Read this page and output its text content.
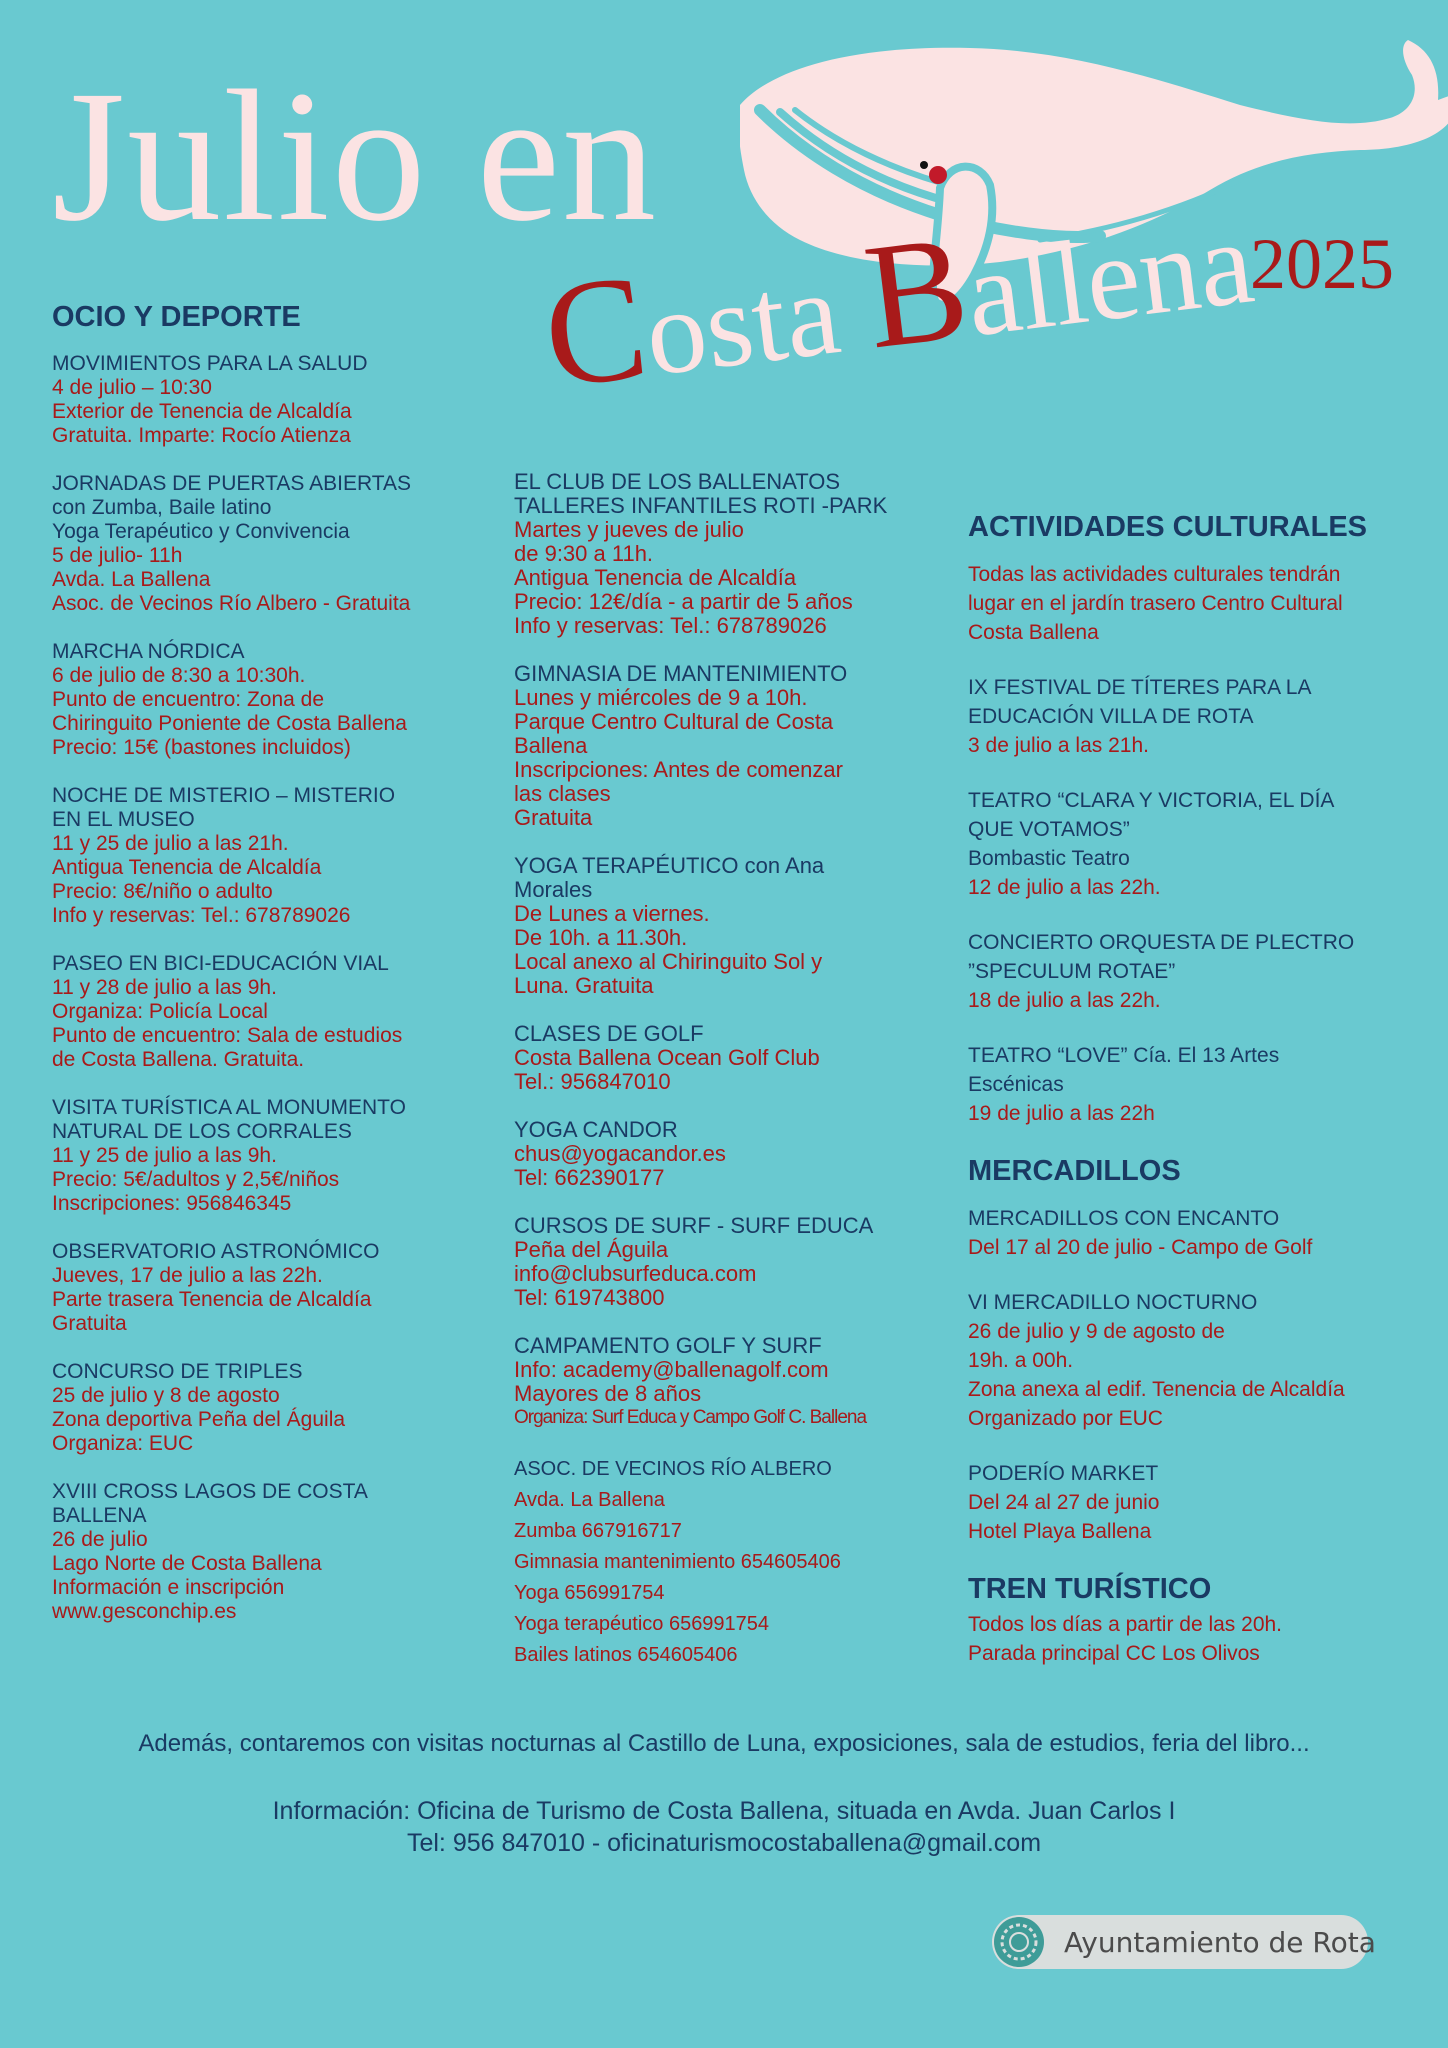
Julio en
Costa Ballena
2025
OCIO Y DEPORTE
MOVIMIENTOS PARA LA SALUD
4 de julio – 10:30
Exterior de Tenencia de Alcaldía
Gratuita. Imparte: Rocío Atienza
JORNADAS DE PUERTAS ABIERTAS
con Zumba, Baile latino
Yoga Terapéutico y Convivencia
5 de julio- 11h
Avda. La Ballena
Asoc. de Vecinos Río Albero - Gratuita
MARCHA NÓRDICA
6 de julio de 8:30 a 10:30h.
Punto de encuentro: Zona de
Chiringuito Poniente de Costa Ballena
Precio: 15€ (bastones incluidos)
NOCHE DE MISTERIO – MISTERIO
EN EL MUSEO
11 y 25 de julio a las 21h.
Antigua Tenencia de Alcaldía
Precio: 8€/niño o adulto
Info y reservas: Tel.: 678789026
PASEO EN BICI-EDUCACIÓN VIAL
11 y 28 de julio a las 9h.
Organiza: Policía Local
Punto de encuentro: Sala de estudios
de Costa Ballena. Gratuita.
VISITA TURÍSTICA AL MONUMENTO
NATURAL DE LOS CORRALES
11 y 25 de julio a las 9h.
Precio: 5€/adultos y 2,5€/niños
Inscripciones: 956846345
OBSERVATORIO ASTRONÓMICO
Jueves, 17 de julio a las 22h.
Parte trasera Tenencia de Alcaldía
Gratuita
CONCURSO DE TRIPLES
25 de julio y 8 de agosto
Zona deportiva Peña del Águila
Organiza: EUC
XVIII CROSS LAGOS DE COSTA
BALLENA
26 de julio
Lago Norte de Costa Ballena
Información e inscripción
www.gesconchip.es
EL CLUB DE LOS BALLENATOS
TALLERES INFANTILES ROTI -PARK
Martes y jueves de julio
de 9:30 a 11h.
Antigua Tenencia de Alcaldía
Precio: 12€/día - a partir de 5 años
Info y reservas: Tel.: 678789026
GIMNASIA DE MANTENIMIENTO
Lunes y miércoles de 9 a 10h.
Parque Centro Cultural de Costa
Ballena
Inscripciones: Antes de comenzar
las clases
Gratuita
YOGA TERAPÉUTICO con Ana
Morales
De Lunes a viernes.
De 10h. a 11.30h.
Local anexo al Chiringuito Sol y
Luna. Gratuita
CLASES DE GOLF
Costa Ballena Ocean Golf Club
Tel.: 956847010
YOGA CANDOR
chus@yogacandor.es
Tel: 662390177
CURSOS DE SURF - SURF EDUCA
Peña del Águila
info@clubsurfeduca.com
Tel: 619743800
CAMPAMENTO GOLF Y SURF
Info: academy@ballenagolf.com
Mayores de 8 años
Organiza: Surf Educa y Campo Golf C. Ballena
ASOC. DE VECINOS RÍO ALBERO
Avda. La Ballena
Zumba 667916717
Gimnasia mantenimiento 654605406
Yoga 656991754
Yoga terapéutico 656991754
Bailes latinos 654605406
ACTIVIDADES CULTURALES
Todas las actividades culturales tendrán
lugar en el jardín trasero Centro Cultural
Costa Ballena
IX FESTIVAL DE TÍTERES PARA LA
EDUCACIÓN VILLA DE ROTA
3 de julio a las 21h.
TEATRO “CLARA Y VICTORIA, EL DÍA
QUE VOTAMOS”
Bombastic Teatro
12 de julio a las 22h.
CONCIERTO ORQUESTA DE PLECTRO
”SPECULUM ROTAE”
18 de julio a las 22h.
TEATRO “LOVE” Cía. El 13 Artes
Escénicas
19 de julio a las 22h
MERCADILLOS
MERCADILLOS CON ENCANTO
Del 17 al 20 de julio - Campo de Golf
VI MERCADILLO NOCTURNO
26 de julio y 9 de agosto de
19h. a 00h.
Zona anexa al edif. Tenencia de Alcaldía
Organizado por EUC
PODERÍO MARKET
Del 24 al 27 de junio
Hotel Playa Ballena
TREN TURÍSTICO
Todos los días a partir de las 20h.
Parada principal CC Los Olivos
Además, contaremos con visitas nocturnas al Castillo de Luna, exposiciones, sala de estudios, feria del libro...
Información: Oficina de Turismo de Costa Ballena, situada en Avda. Juan Carlos I
Tel: 956 847010 - oficinaturismocostaballena@gmail.com
Ayuntamiento de Rota
